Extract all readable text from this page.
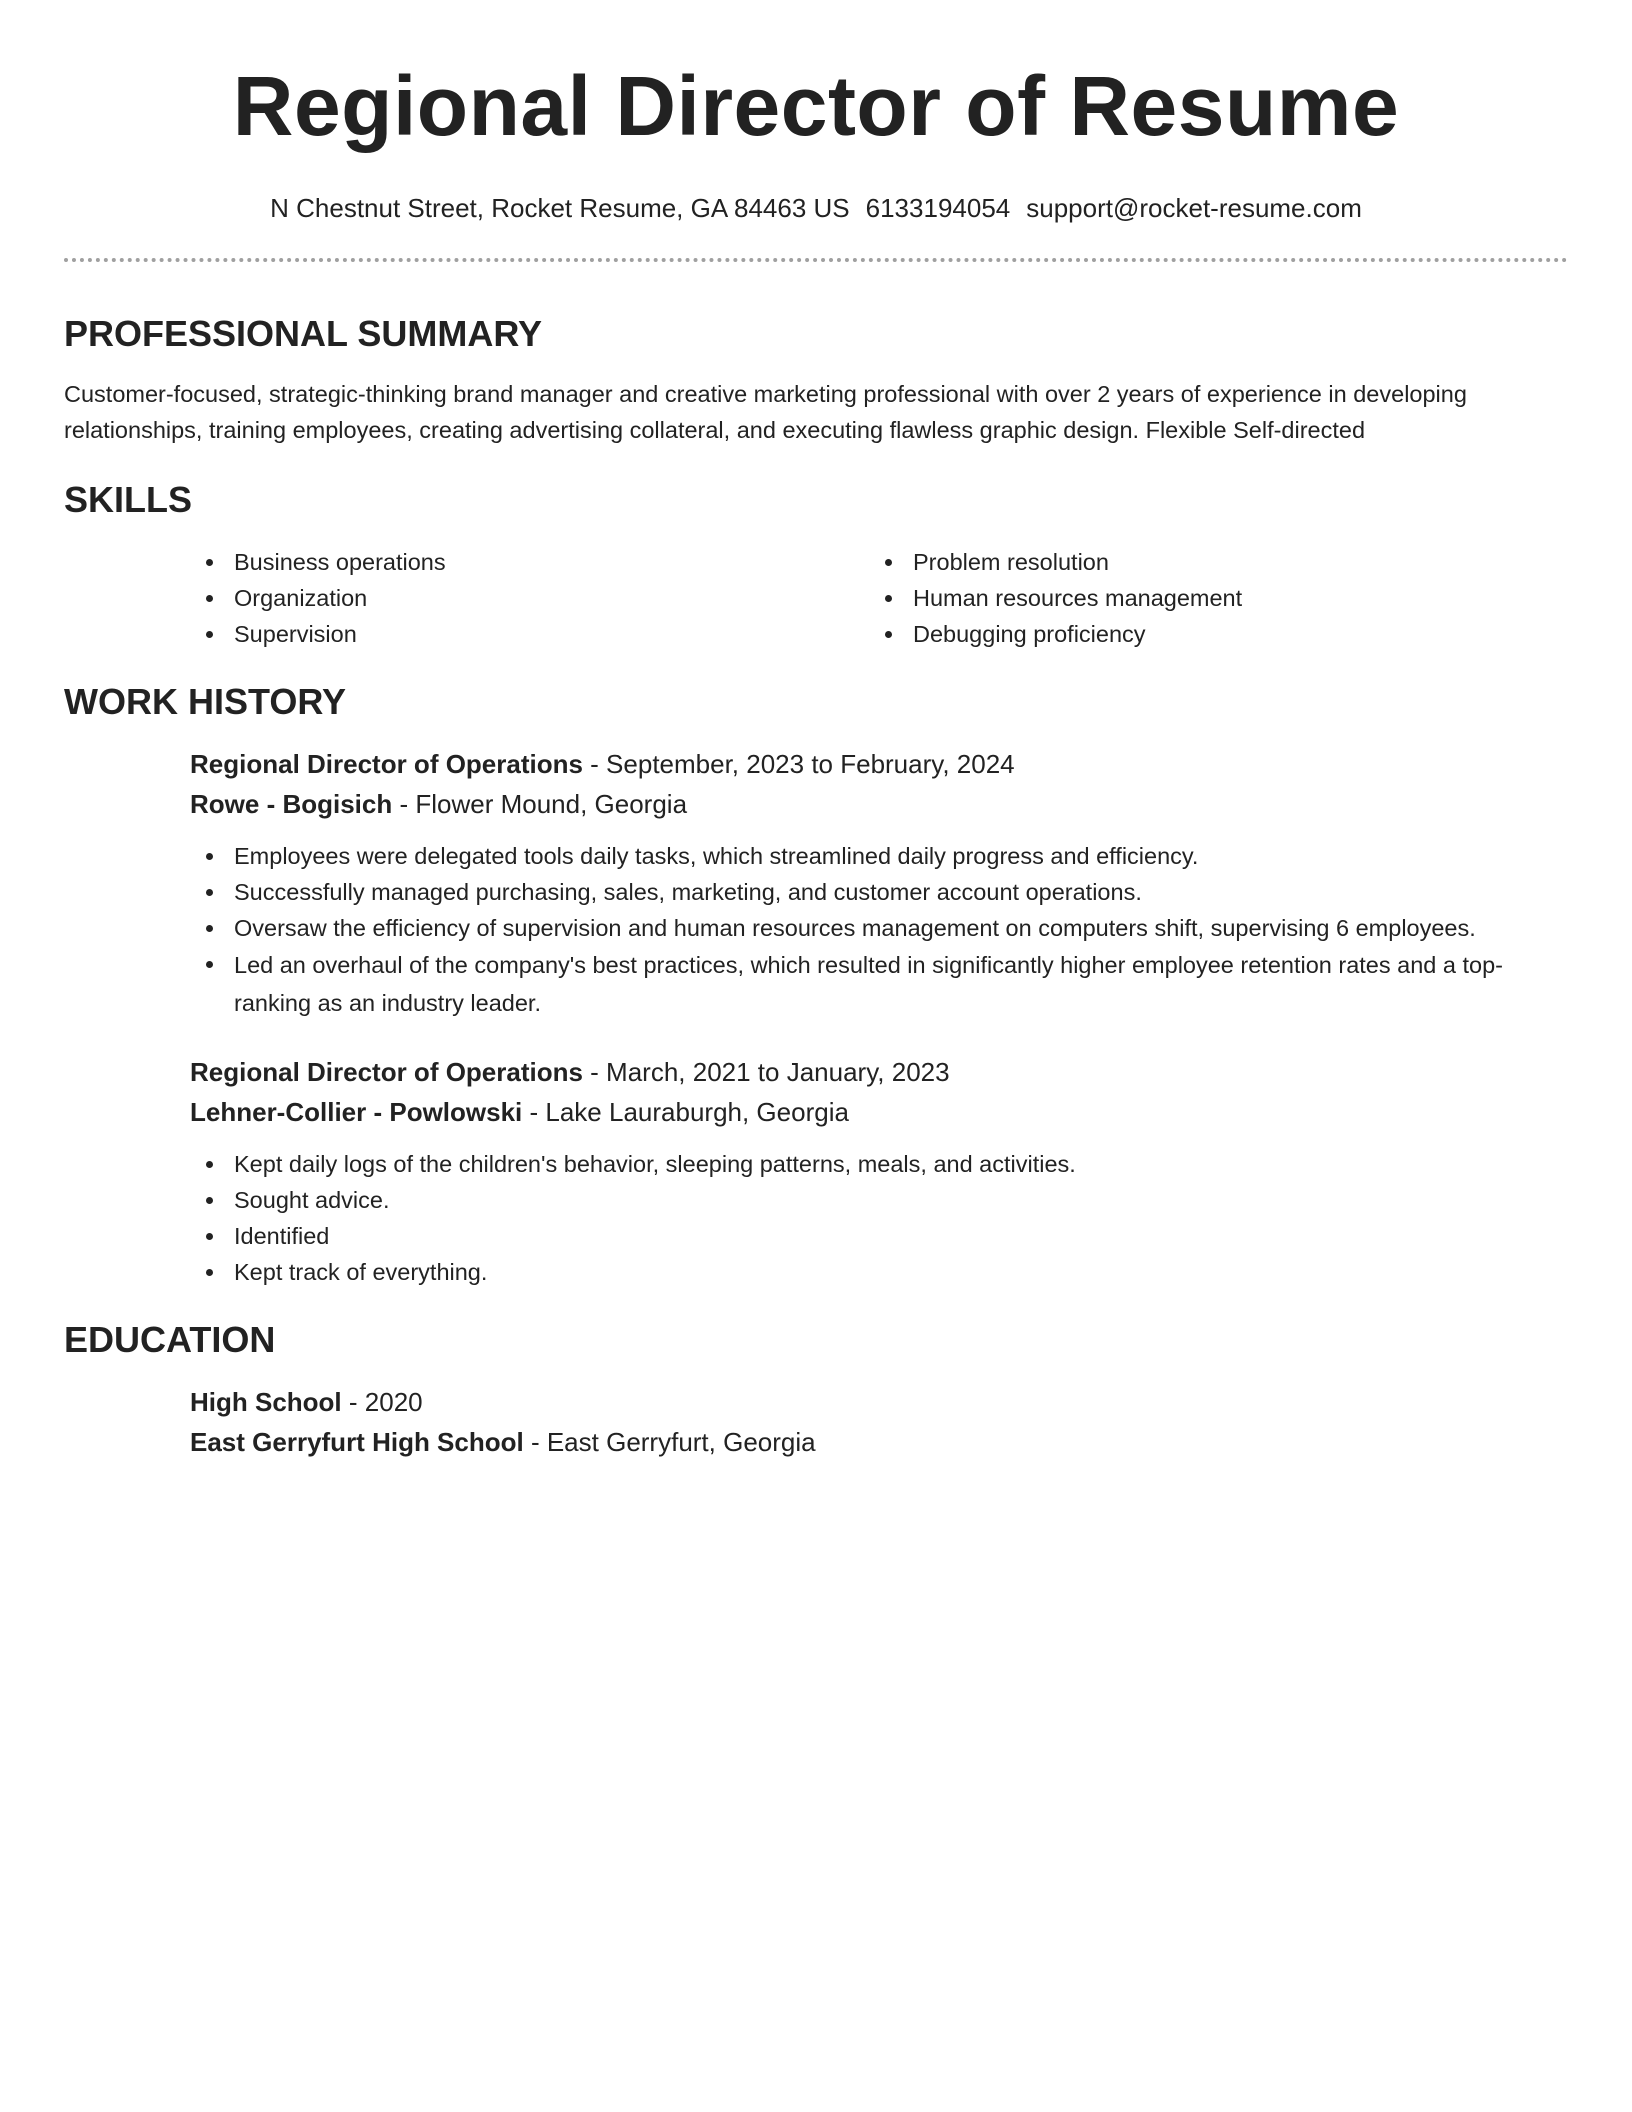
Regional Director of Resume
N Chestnut Street, Rocket Resume, GA 84463 US 6133194054 support@rocket-resume.com
PROFESSIONAL SUMMARY

Customer-focused, strategic-thinking brand manager and creative marketing professional with over 2 years of experience in developing relationships, training employees, creating advertising collateral, and executing flawless graphic design. Flexible Self-directed

SKILLS
Business operations
Organization
Supervision
Problem resolution
Human resources management
Debugging proficiency
WORK HISTORY
Regional Director of Operations - September, 2023 to February, 2024
Rowe - Bogisich - Flower Mound, Georgia
Employees were delegated tools daily tasks, which streamlined daily progress and efficiency.
Successfully managed purchasing, sales, marketing, and customer account operations.
Oversaw the efficiency of supervision and human resources management on computers shift, supervising 6 employees.
Led an overhaul of the company's best practices, which resulted in significantly higher employee retention rates and a top-ranking as an industry leader.
Regional Director of Operations - March, 2021 to January, 2023
Lehner-Collier - Powlowski - Lake Lauraburgh, Georgia
Kept daily logs of the children's behavior, sleeping patterns, meals, and activities.
Sought advice.
Identified
Kept track of everything.
EDUCATION
High School - 2020
East Gerryfurt High School - East Gerryfurt, Georgia
